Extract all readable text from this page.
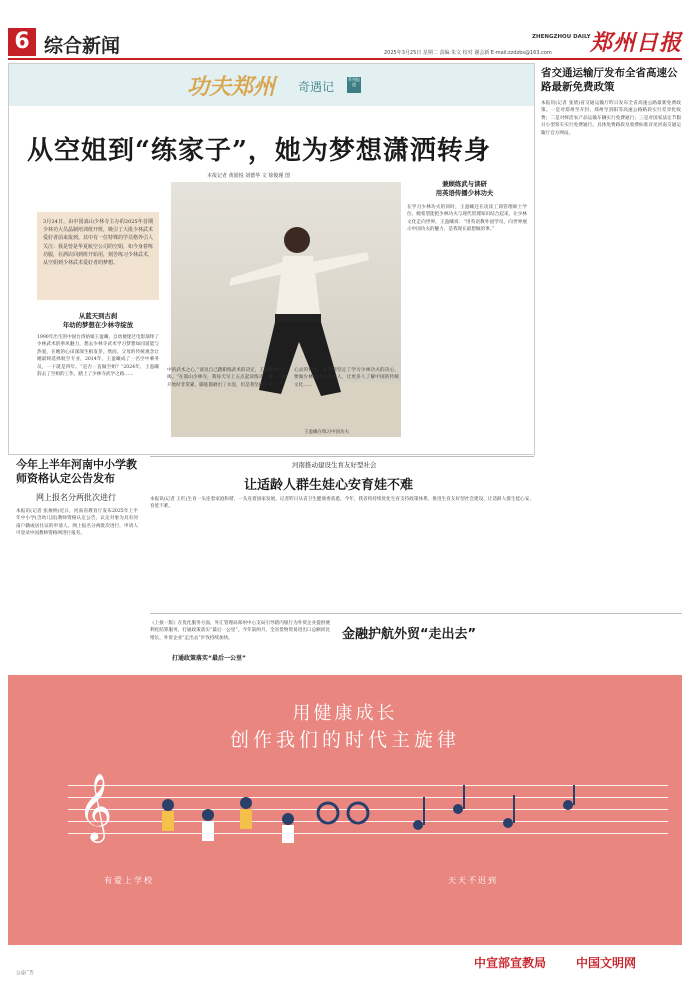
6 综合新闻	ZHENGZHOU DAILY 郑州日报
2025年3月25日 星期二 责编 朱文 校对 谢会新 E-mail:zzdzbs@163.com
功夫郑州 奇遇记
系列报道
从空姐到“练家子”，她为梦想潇洒转身
本报记者 黄娟悦 刘德华 文 徐俊瑾 图
3月24日，由中国嵩山少林寺主办的2025年首期少林功大员晶制培训班开班，吸引了大批少林武术爱好者前来报到。其中有一位特殊的学员格外引人关注：我是曾是华夏航空公司的空姐，如今身着练功服，在酒店回到班开始用，刻苦练习少林武术，从空姐到少林武术爱好者的梦想。
从蓝天到古刹
年幼的梦想在少林寺绽放
1990年出生的中国台湾姑娘王盈曦，自幼便迷过电影演绎了少林武术的拳风魅力，想去少林寺武术学习梦想如同道能与热爱，在她的心田深深生根发芽。然而，父母的传统观念让她最终选择航空专业，2014年，王盈曦成了一名空中乘务员，一干就是四年。“是否一直做空姐？”2024年，王盈曦辞去了空姐的工作，踏上了少林寺武学之路……
王盈曦在练习中国功夫
兼顾练武与读研
用英语传播少林功夫
在学习少林功夫的同时，王盈曦还在攻读工商管理硕士学位。她希望能把少林功夫与现代管理知识结合起来，让少林文化走向世界。王盈曦说：“用英语教外国学员，向世界展示中国功夫的魅力，是我现在最想做的事。”
中的武术之心，”谈及自己踏职练武术的决定，王盈曦展中只揭。“在嵩山少林寺，我每天早上五点起床练功，第一天刚开始时非常累，脚底都磨出了水泡，但是我坚持下来了。”
心灵的归宿。她逐渐坚定了学习少林功夫的决心，要做少林武术的传承人，让更多人了解中国的传统文化……
省交通运输厅发布全省高速公路最新免费政策
本报讯(记者 张倩)省交通运输厅昨日发布全省高速公路最新免费政策。一是对郑州至开封、郑州至洛阳等高速公路路段实行差异化收费；二是对鲜活农产品运输车辆实行免费通行；三是对国家法定节假日小型客车实行免费通行。具体免费路段及收费标准详见河南交通运输厅官方网站。
今年上半年河南中小学教师资格认定公告发布
网上报名分两批次进行
本报讯(记者 张俊纳)近日，河南省教育厅发布2025年上半年中小学(含幼儿园)教师资格认定公告，认定对象为具有河南户籍或居住证的申请人。网上报名分两批次进行，申请人可登录中国教师资格网进行报名。
河南推动建设生育友好型社会
让适龄人群生娃心安育娃不难
本报讯(记者 王红)生育一头连着家庭和谐，一头连着国家发展。记者昨日从省卫生健康委获悉，今年，我省将持续优化生育支持政策体系，推进生育友好型社会建设，让适龄人群生娃心安、育娃不难。
金融护航外贸“走出去”
打通政策落实“最后一公里”
《上接一版》在优化服务方面，外汇管理局郑州中心支局引导辖内银行为外贸企业提供便利化结算服务，打通政策落实“最后一公里”。今年前两月，全省货物贸易进出口总额同比增长，外贸企业“走出去”步伐持续加快。
用健康成长
创作我们的时代主旋律
𝄞
有爱上学校	天天不迟到
中宣部宣教局 中国文明网
公益广告
